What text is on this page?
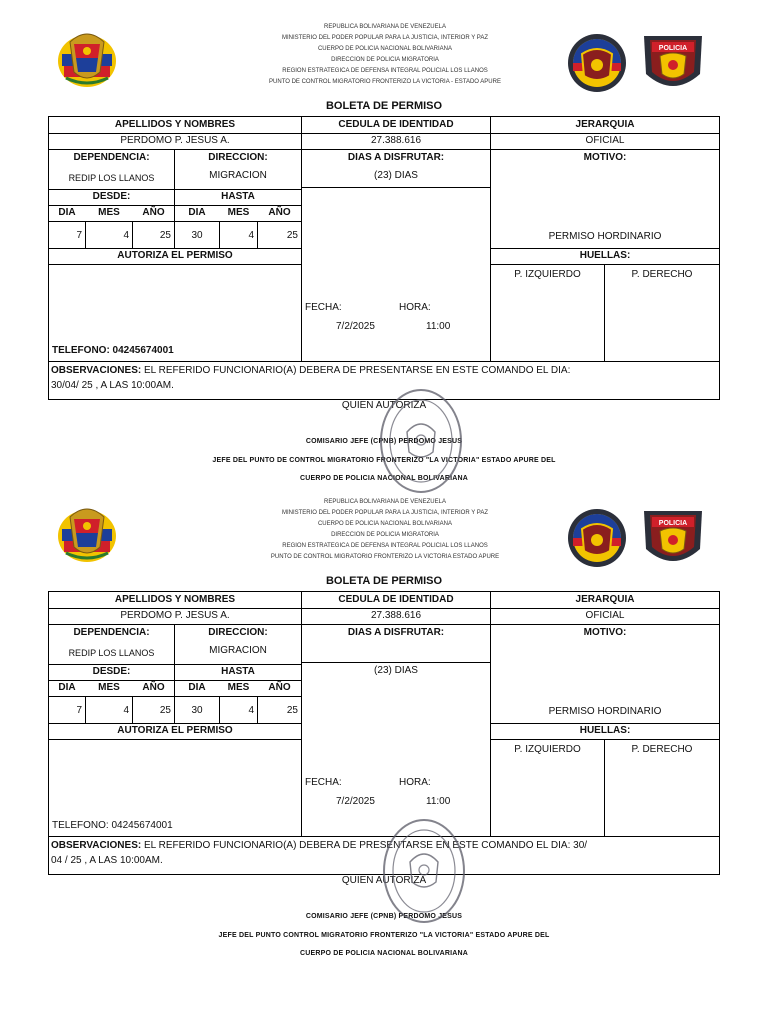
REPUBLICA BOLIVARIANA DE VENEZUELA
MINISTERIO DEL PODER POPULAR PARA LA JUSTICIA, INTERIOR Y PAZ
CUERPO DE POLICIA NACIONAL BOLIVARIANA
DIRECCION DE POLICIA MIGRATORIA
REGION ESTRATEGICA DE DEFENSA INTEGRAL POLICIAL LOS LLANOS
PUNTO DE CONTROL MIGRATORIO FRONTERIZO LA VICTORIA - ESTADO APURE
POLICIA
BOLETA DE PERMISO
APELLIDOS Y NOMBRES	CEDULA DE IDENTIDAD	JERARQUIA
PERDOMO P. JESUS A.	27.388.616	OFICIAL
DEPENDENCIA:	DIRECCION:
REDIP LOS LLANOS	MIGRACION
DIAS A DISFRUTAR:
(23) DIAS
MOTIVO:
PERMISO HORDINARIO
DESDE:	HASTA
DIA	MES	AÑO	DIA	MES	AÑO
7	4	25	30	4	25
AUTORIZA EL PERMISO	HUELLAS:
P. IZQUIERDO	P. DERECHO
FECHA:	HORA:
7/2/2025	11:00
TELEFONO: 04245674001
OBSERVACIONES: EL REFERIDO FUNCIONARIO(A) DEBERA DE PRESENTARSE EN ESTE COMANDO EL DIA:
30/04/ 25 , A LAS 10:00AM.
QUIEN AUTORIZA
COMISARIO JEFE (CPNB) PERDOMO JESUS
JEFE DEL PUNTO DE CONTROL MIGRATORIO FRONTERIZO "LA VICTORIA" ESTADO APURE DEL
CUERPO DE POLICIA NACIONAL BOLIVARIANA
REPUBLICA BOLIVARIANA DE VENEZUELA
MINISTERIO DEL PODER POPULAR PARA LA JUSTICIA, INTERIOR Y PAZ
CUERPO DE POLICIA NACIONAL BOLIVARIANA
DIRECCION DE POLICIA MIGRATORIA
REGION ESTRATEGICA DE DEFENSA INTEGRAL POLICIAL LOS LLANOS
PUNTO DE CONTROL MIGRATORIO FRONTERIZO LA VICTORIA ESTADO APURE
POLICIA
BOLETA DE PERMISO
APELLIDOS Y NOMBRES	CEDULA DE IDENTIDAD	JERARQUIA
PERDOMO P. JESUS A.	27.388.616	OFICIAL
DEPENDENCIA:	DIRECCION:
REDIP LOS LLANOS	MIGRACION
DIAS A DISFRUTAR:
(23) DIAS
MOTIVO:
PERMISO HORDINARIO
DESDE:	HASTA
DIA	MES	AÑO	DIA	MES	AÑO
7	4	25	30	4	25
AUTORIZA EL PERMISO	HUELLAS:
P. IZQUIERDO	P. DERECHO
FECHA:	HORA:
7/2/2025	11:00
TELEFONO: 04245674001
OBSERVACIONES: EL REFERIDO FUNCIONARIO(A) DEBERA DE PRESENTARSE EN ESTE COMANDO EL DIA: 30/
04 / 25 , A LAS 10:00AM.
QUIEN AUTORIZA
COMISARIO JEFE (CPNB) PERDOMO JESUS
JEFE DEL PUNTO CONTROL MIGRATORIO FRONTERIZO "LA VICTORIA" ESTADO APURE DEL
CUERPO DE POLICIA NACIONAL BOLIVARIANA
